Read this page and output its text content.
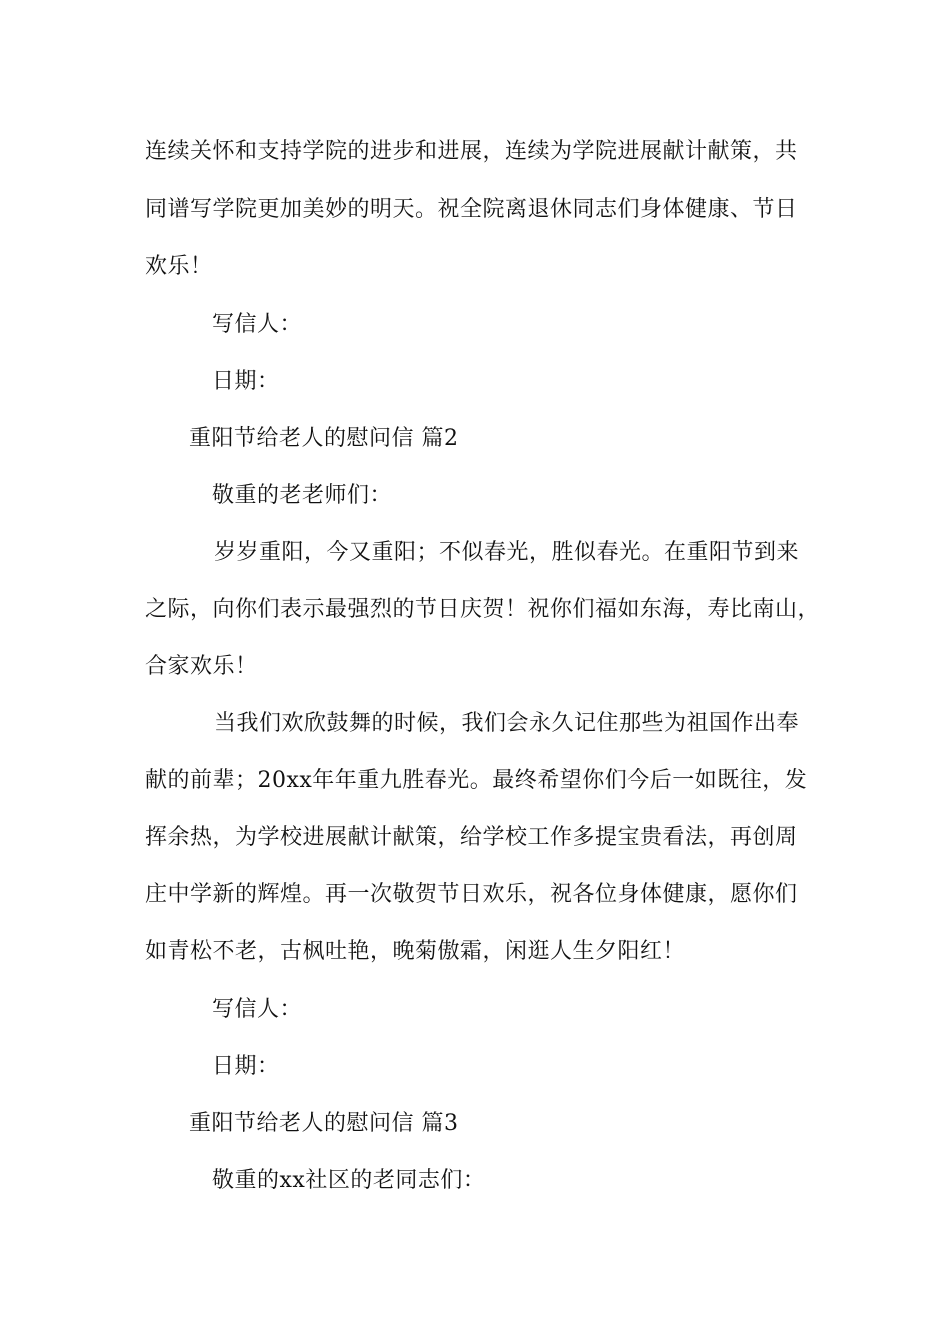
连续关怀和支持学院的进步和进展，连续为学院进展献计献策，共
同谱写学院更加美妙的明天。祝全院离退休同志们身体健康、节日
欢乐！
写信人：
日期：
重阳节给老人的慰问信 篇2
敬重的老老师们：
岁岁重阳，今又重阳；不似春光，胜似春光。在重阳节到来
之际，向你们表示最强烈的节日庆贺！祝你们福如东海，寿比南山，
合家欢乐！
当我们欢欣鼓舞的时候，我们会永久记住那些为祖国作出奉
献的前辈；20xx年年重九胜春光。最终希望你们今后一如既往，发
挥余热，为学校进展献计献策，给学校工作多提宝贵看法，再创周
庄中学新的辉煌。再一次敬贺节日欢乐，祝各位身体健康，愿你们
如青松不老，古枫吐艳，晚菊傲霜，闲逛人生夕阳红！
写信人：
日期：
重阳节给老人的慰问信 篇3
敬重的xx社区的老同志们：
